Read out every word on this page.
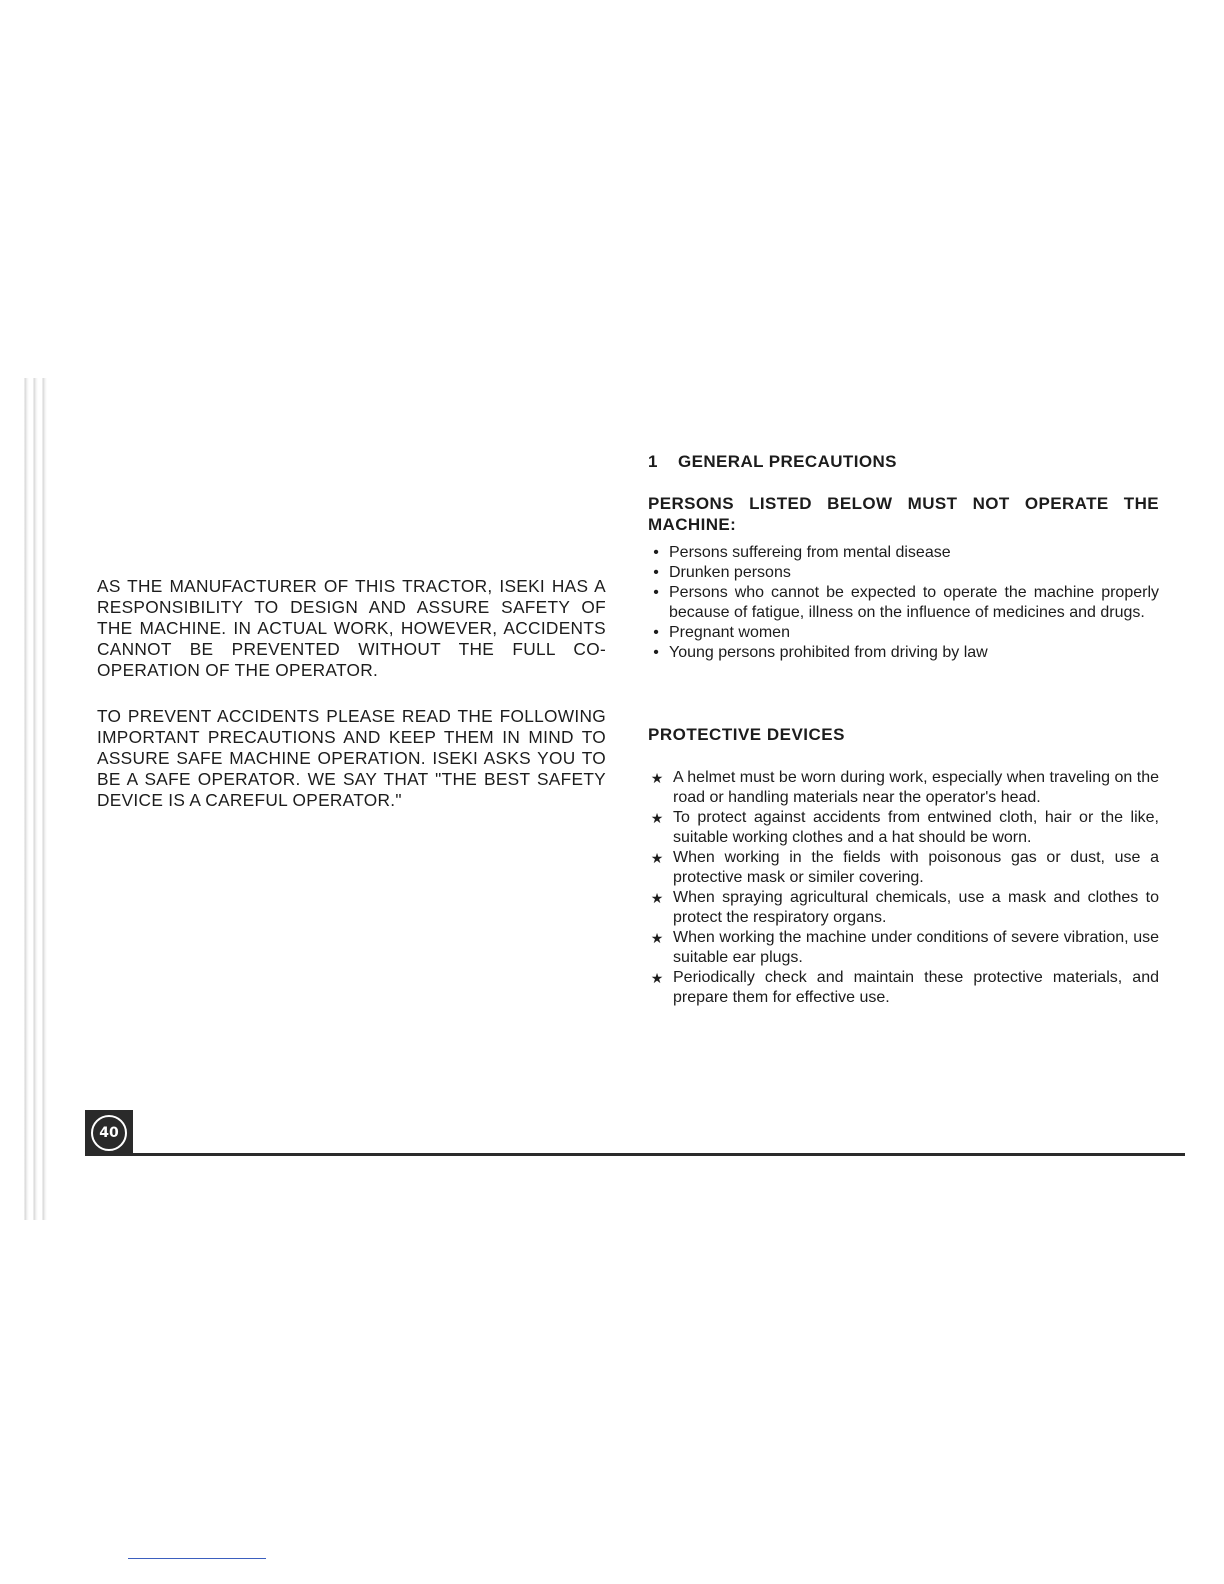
AS THE MANUFACTURER OF THIS TRACTOR, ISEKI HAS A RESPONSIBILITY TO DESIGN AND ASSURE SAFETY OF THE MACHINE. IN ACTUAL WORK, HOWEVER, ACCIDENTS CANNOT BE PREVENTED WITHOUT THE FULL CO-OPERATION OF THE OPERATOR.

TO PREVENT ACCIDENTS PLEASE READ THE FOLLOWING IMPORTANT PRECAUTIONS AND KEEP THEM IN MIND TO ASSURE SAFE MACHINE OPERATION. ISEKI ASKS YOU TO BE A SAFE OPERATOR. WE SAY THAT "THE BEST SAFETY DEVICE IS A CAREFUL OPERATOR."

1 GENERAL PRECAUTIONS
PERSONS LISTED BELOW MUST NOT OPERATE THE MACHINE:
• Persons suffereing from mental disease
• Drunken persons
• Persons who cannot be expected to operate the machine properly because of fatigue, illness on the influence of medicines and drugs.
• Pregnant women
• Young persons prohibited from driving by law
PROTECTIVE DEVICES
★ A helmet must be worn during work, especially when traveling on the road or handling materials near the operator's head.
★ To protect against accidents from entwined cloth, hair or the like, suitable working clothes and a hat should be worn.
★ When working in the fields with poisonous gas or dust, use a protective mask or similer covering.
★ When spraying agricultural chemicals, use a mask and clothes to protect the respiratory organs.
★ When working the machine under conditions of severe vibration, use suitable ear plugs.
★ Periodically check and maintain these protective materials, and prepare them for effective use.
40
